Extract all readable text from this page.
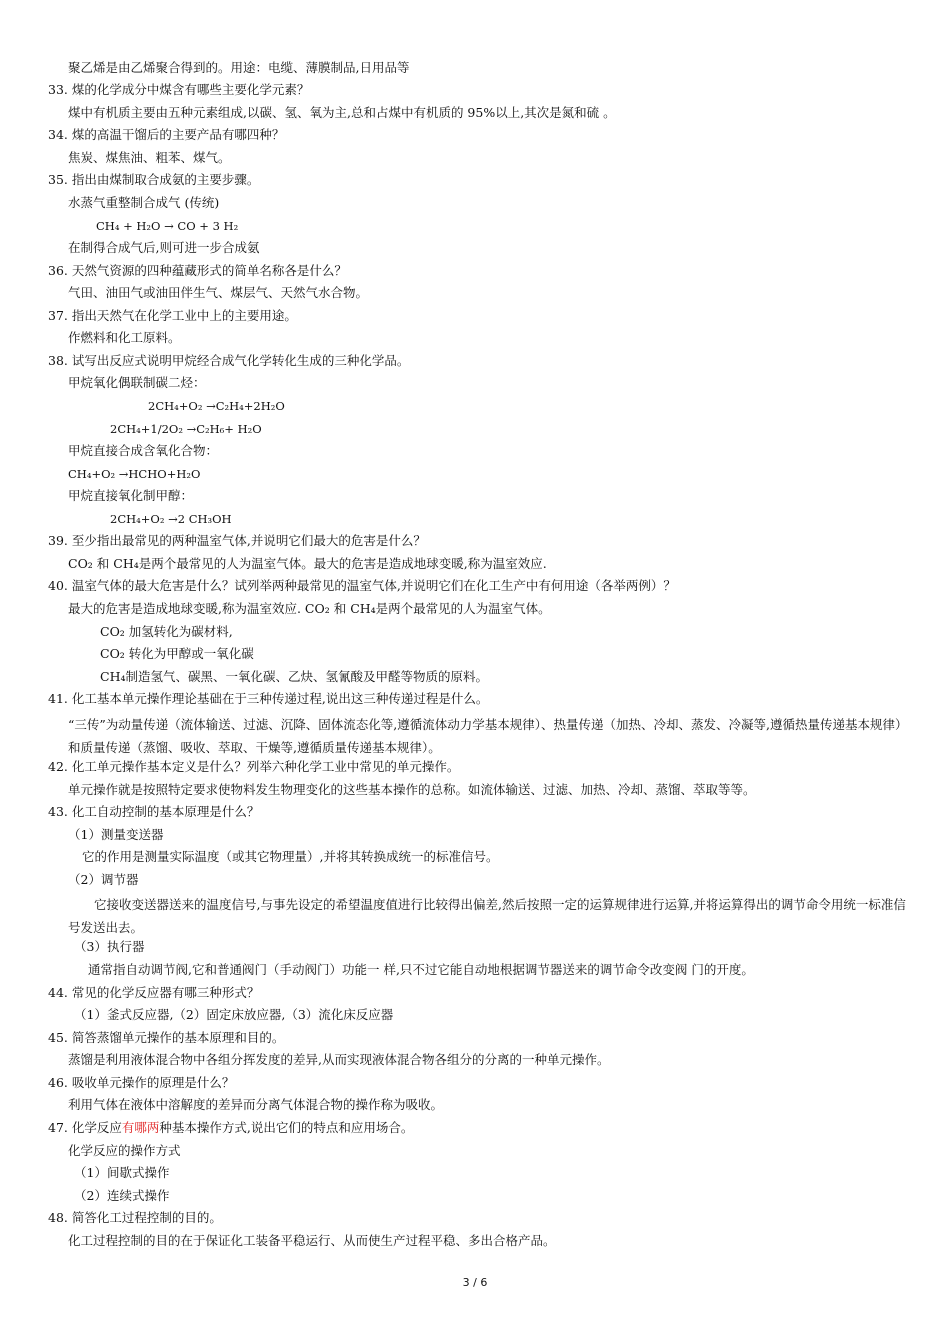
聚乙烯是由乙烯聚合得到的。用途：电缆、薄膜制品,日用品等
33. 煤的化学成分中煤含有哪些主要化学元素？
煤中有机质主要由五种元素组成,以碳、氢、氧为主,总和占煤中有机质的 95%以上,其次是氮和硫 。
34. 煤的高温干馏后的主要产品有哪四种？
焦炭、煤焦油、粗苯、煤气。
35. 指出由煤制取合成氨的主要步骤。
水蒸气重整制合成气 (传统)
CH₄ + H₂O → CO + 3 H₂
在制得合成气后,则可进一步合成氨
36. 天然气资源的四种蕴藏形式的简单名称各是什么？
气田、油田气或油田伴生气、煤层气、天然气水合物。
37. 指出天然气在化学工业中上的主要用途。
作燃料和化工原料。
38. 试写出反应式说明甲烷经合成气化学转化生成的三种化学品。
甲烷氧化偶联制碳二烃：
2CH₄+O₂ →C₂H₄+2H₂O
2CH₄+1/2O₂ →C₂H₆+ H₂O
甲烷直接合成含氧化合物：
CH₄+O₂ →HCHO+H₂O
甲烷直接氧化制甲醇：
2CH₄+O₂ →2 CH₃OH
39. 至少指出最常见的两种温室气体,并说明它们最大的危害是什么？
CO₂ 和 CH₄是两个最常见的人为温室气体。最大的危害是造成地球变暖,称为温室效应.
40. 温室气体的最大危害是什么？试列举两种最常见的温室气体,并说明它们在化工生产中有何用途（各举两例）？
最大的危害是造成地球变暖,称为温室效应. CO₂ 和 CH₄是两个最常见的人为温室气体。
CO₂ 加氢转化为碳材料,
CO₂ 转化为甲醇或一氧化碳
CH₄制造氢气、碳黑、一氧化碳、乙炔、氢氰酸及甲醛等物质的原料。
41. 化工基本单元操作理论基础在于三种传递过程,说出这三种传递过程是什么。
“三传”为动量传递（流体输送、过滤、沉降、固体流态化等,遵循流体动力学基本规律）、热量传递（加热、冷却、蒸发、冷凝等,遵循热量传递基本规律）和质量传递（蒸馏、吸收、萃取、干燥等,遵循质量传递基本规律）。
42. 化工单元操作基本定义是什么？列举六种化学工业中常见的单元操作。
单元操作就是按照特定要求使物料发生物理变化的这些基本操作的总称。如流体输送、过滤、加热、冷却、蒸馏、萃取等等。
43. 化工自动控制的基本原理是什么？
（1）测量变送器
它的作用是测量实际温度（或其它物理量）,并将其转换成统一的标准信号。
（2）调节器
它接收变送器送来的温度信号,与事先设定的希望温度值进行比较得出偏差,然后按照一定的运算规律进行运算,并将运算得出的调节命令用统一标准信号发送出去。
（3）执行器
通常指自动调节阀,它和普通阀门（手动阀门）功能一 样,只不过它能自动地根据调节器送来的调节命令改变阀 门的开度。
44. 常见的化学反应器有哪三种形式？
（1）釜式反应器,（2）固定床放应器,（3）流化床反应器
45. 简答蒸馏单元操作的基本原理和目的。
蒸馏是利用液体混合物中各组分挥发度的差异,从而实现液体混合物各组分的分离的一种单元操作。
46. 吸收单元操作的原理是什么？
利用气体在液体中溶解度的差异而分离气体混合物的操作称为吸收。
47. 化学反应有哪两种基本操作方式,说出它们的特点和应用场合。
化学反应的操作方式
（1）间歇式操作
（2）连续式操作
48. 简答化工过程控制的目的。
化工过程控制的目的在于保证化工装备平稳运行、从而使生产过程平稳、多出合格产品。
3 / 6
